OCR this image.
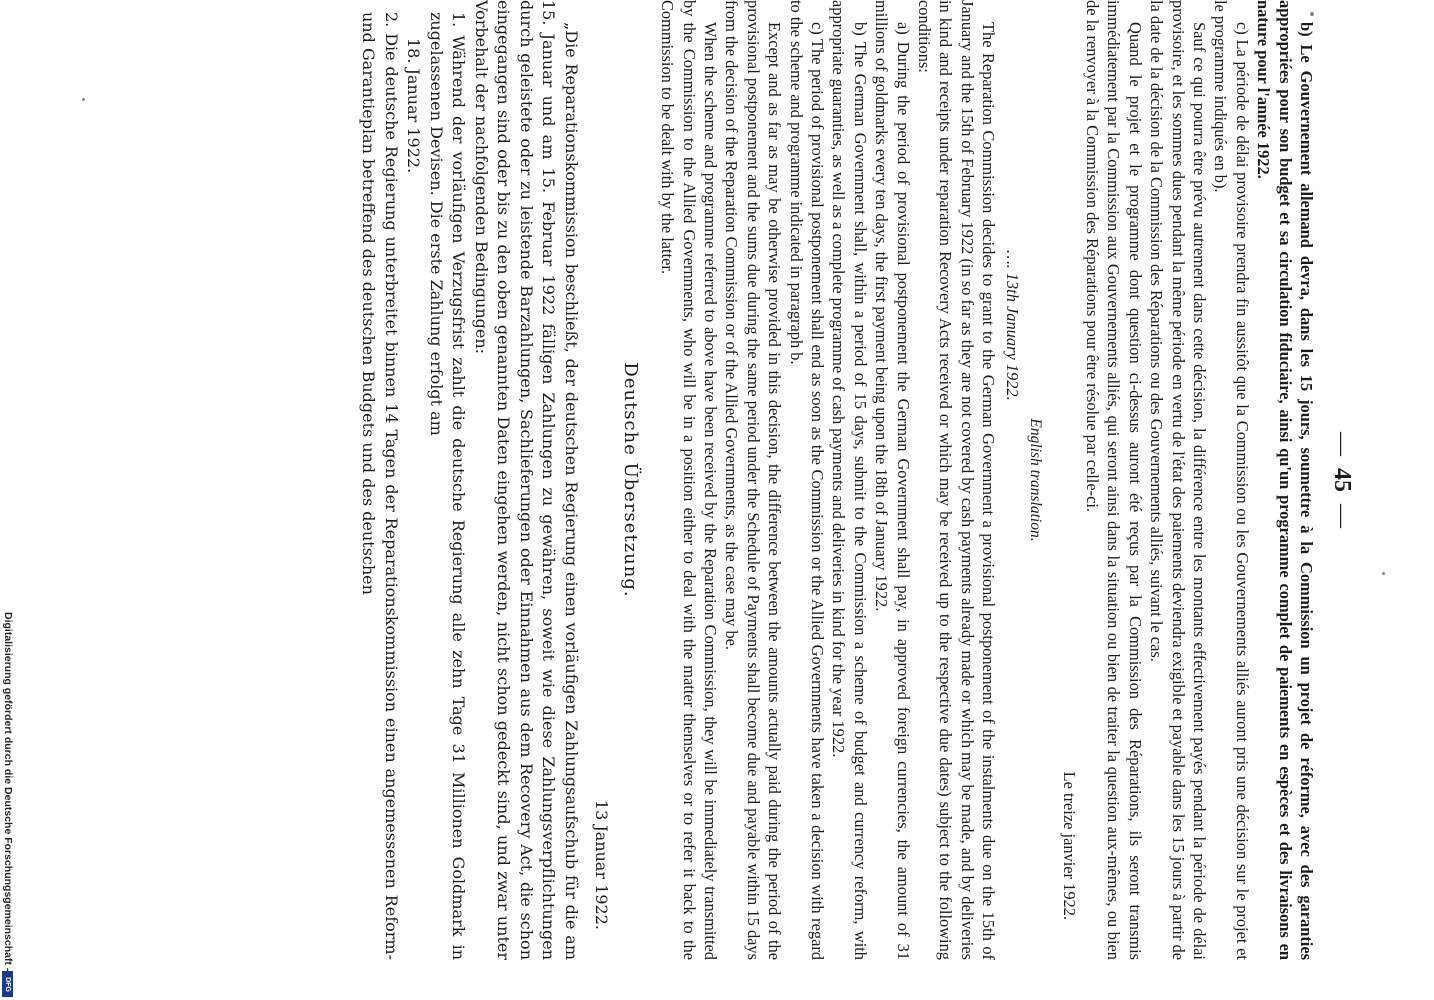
—45—

b) Le Gouvernement allemand devra, dans les 15 jours, soumettre à la Commission un projet de réforme, avec des garanties appropriées pour son budget et sa circulation fiduciaire, ainsi qu'un programme complet de paiements en espèces et des livraisons en nature pour l'année 1922.

c) La période de délai provisoire prendra fin aussitôt que la Commission ou les Gouvernements alliés auront pris une décision sur le projet et le programme indiqués en b).

Sauf ce qui pourra être prévu autrement dans cette décision, la différence entre les montants effectivement payés pendant la période de délai provisoire, et les sommes dues pendant la même période en vertu de l'état des paiements deviendra exigible et payable dans les 15 jours à partir de la date de la décision de la Commission des Réparations ou des Gouvernements alliés, suivant le cas.

Quand le projet et le programme dont question ci-dessus auront été reçus par la Commission des Réparations, ils seront transmis immédiatement par la Commission aux Gouvernements alliés, qui seront ainsi dans la situation ou bien de traiter la question aux-mêmes, ou bien de la renvoyer à la Commission des Réparations pour être résolue par celle-ci.

Le treize janvier 1922.

English translation.
…. 13th January 1922.

The Reparation Commission decides to grant to the German Government a provisional postponement of the instalments due on the 15th of January and the 15th of February 1922 (in so far as they are not covered by cash payments already made or which may be made, and by deliveries in kind and receipts under reparation Recovery Acts received or which may be received up to the respective due dates) subject to the following conditions:

a) During the period of provisional postponement the German Government shall pay, in approved foreign currencies, the amount of 31 millions of goldmarks every ten days, the first payment being upon the 18th of January 1922.

b) The German Government shall, within a period of 15 days, submit to the Commission a scheme of budget and currency reform, with appropriate guaranties, as well as a complete programme of cash payments and deliveries in kind for the year 1922.

c) The period of provisional postponement shall end as soon as the Commission or the Allied Governments have taken a decision with regard to the scheme and programme indicated in paragraph b.

Except and as far as may be otherwise provided in this decision, the difference between the amounts actually paid during the period of the provisional postponement and the sums due during the same period under the Schedule of Payments shall become due and payable within 15 days from the decision of the Reparation Commission or of the Allied Governments, as the case may be.

When the scheme and programme referred to above have been received by the Reparation Commission, they will be immediately transmitted by the Commission to the Allied Governments, who will be in a position either to deal with the matter themselves or to refer it back to the Commission to be dealt with by the latter.

Deutsche Übersetzung.
13 Januar 1922.

„Die Reparationskommission beschließt, der deutschen Regierung einen vorläufigen Zahlungsaufschub für die am 15. Januar und am 15. Februar 1922 fälligen Zahlungen zu gewähren, soweit wie diese Zahlungsverpflichtungen durch geleistete oder zu leistende Barzahlungen, Sachlieferungen oder Einnahmen aus dem Recovery Act, die schon eingegangen sind oder bis zu den oben genannten Daten eingehen werden, nicht schon gedeckt sind, und zwar unter Vorbehalt der nachfolgenden Bedingungen:

1. Während der vorläufigen Verzugsfrist zahlt die deutsche Regierung alle zehn Tage 31 Millionen Goldmark in zugelassenen Devisen. Die erste Zahlung erfolgt am

18. Januar 1922.

2. Die deutsche Regierung unterbreitet binnen 14 Tagen der Reparationskommission einen angemessenen Reform- und Garantieplan betreffend des deutschen Budgets und des deutschen

Digitalisierung gefördert durch die Deutsche Forschungsgemeinschaft -
DFG
